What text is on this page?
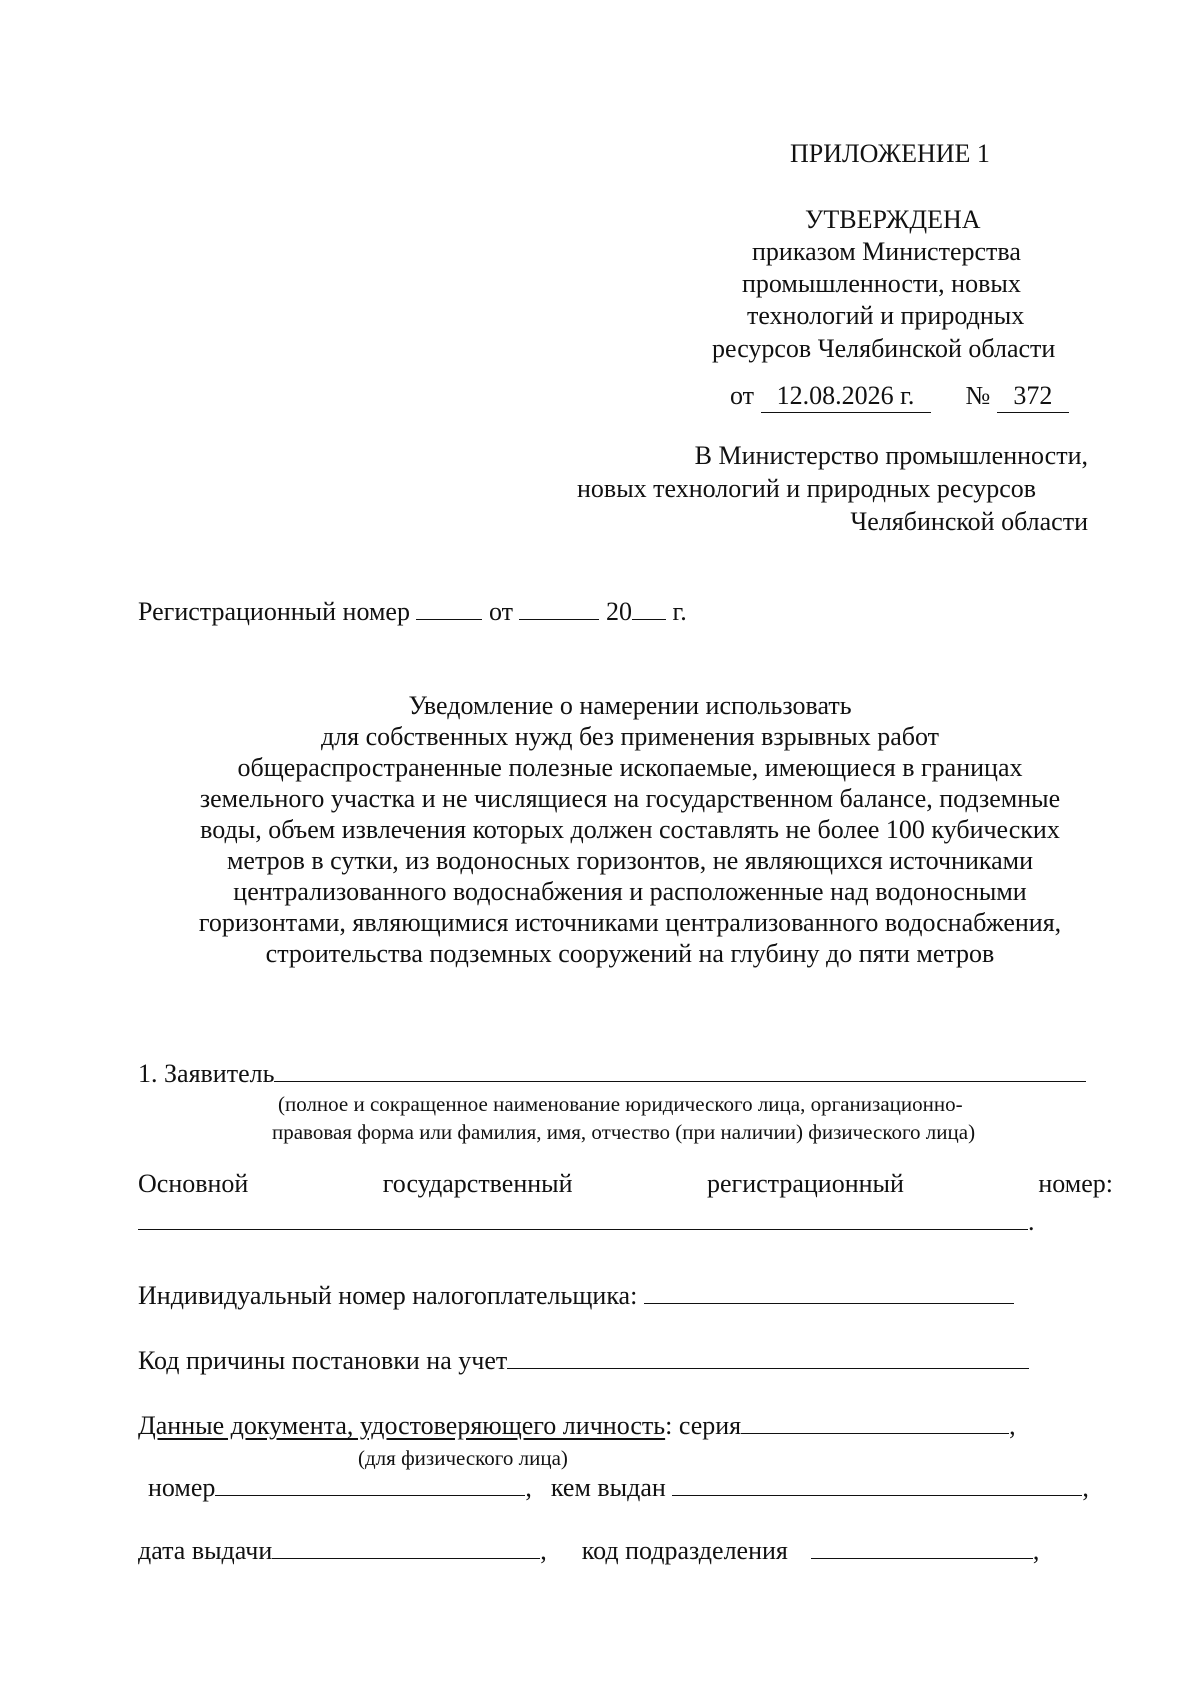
ПРИЛОЖЕНИЕ 1
УТВЕРЖДЕНА
приказом Министерства
промышленности, новых
технологий и природных
ресурсов Челябинской области
от 12.08.2026 г. № 372
В Министерство промышленности,
новых технологий и природных ресурсов
Челябинской области
Регистрационный номер	от	20 г.
Уведомление о намерении использовать
для собственных нужд без применения взрывных работ
общераспространенные полезные ископаемые, имеющиеся в границах
земельного участка и не числящиеся на государственном балансе, подземные
воды, объем извлечения которых должен составлять не более 100 кубических
метров в сутки, из водоносных горизонтов, не являющихся источниками
централизованного водоснабжения и расположенные над водоносными
горизонтами, являющимися источниками централизованного водоснабжения,
строительства подземных сооружений на глубину до пяти метров
1. Заявитель
(полное и сокращенное наименование юридического лица, организационно-
правовая форма или фамилия, имя, отчество (при наличии) физического лица)
Основной	государственный	регистрационный	номер:
.
Индивидуальный номер налогоплательщика:
Код причины постановки на учет
Данные документа, удостоверяющего личность: серия	,
(для физического лица)
номер	, кем выдан	,
дата выдачи	, код подразделения	,
